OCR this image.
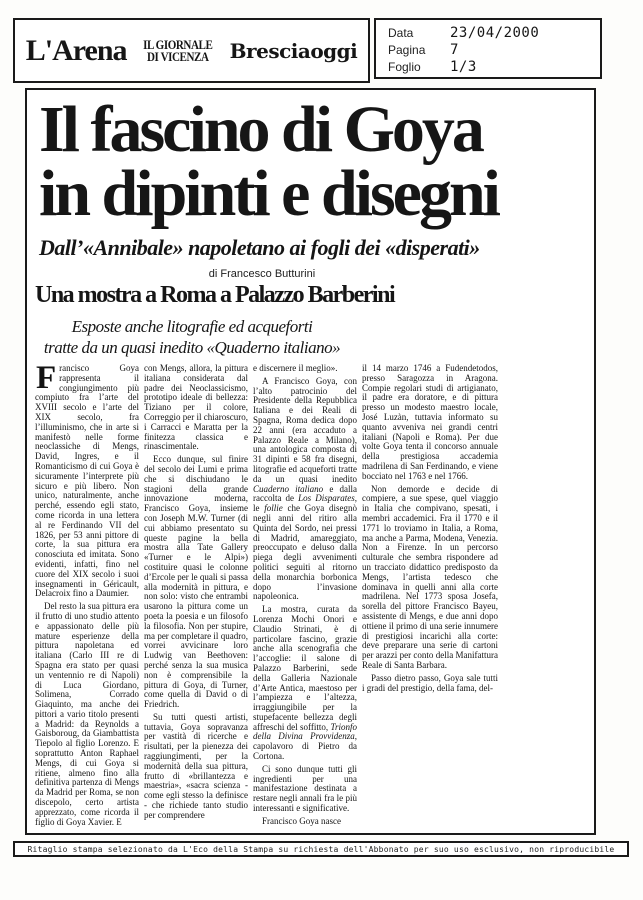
L'Arena IL GIORNALE
DI VICENZA Bresciaoggi
Data	23/04/2000
Pagina	7
Foglio	1/3
Il fascino di Goya
in dipinti e disegni
Dall’«Annibale» napoletano ai fogli dei «disperati»
di Francesco Butturini
Una mostra a Roma a Palazzo Barberini
Esposte anche litografie ed acqueforti
tratte da un quasi inedito «Quaderno italiano»

Francisco Goya rappresenta il congiungimento più compiuto fra l’arte del XVIII secolo e l’arte del XIX secolo, fra l’illuminismo, che in arte si manifestò nelle forme neoclassiche di Mengs, David, Ingres, e il Romanticismo di cui Goya è sicuramente l’interprete più sicuro e più libero. Non unico, naturalmente, anche perché, essendo egli stato, come ricorda in una lettera al re Ferdinando VII del 1826, per 53 anni pittore di corte, la sua pittura era conosciuta ed imitata. Sono evidenti, infatti, fino nel cuore del XIX secolo i suoi insegnamenti in Géricault, Delacroix fino a Daumier.

Del resto la sua pittura era il frutto di uno studio attento e appassionato delle più mature esperienze della pittura napoletana ed italiana (Carlo III re di Spagna era stato per quasi un ventennio re di Napoli) di Luca Giordano, Solimena, Corrado Giaquinto, ma anche dei pittori a vario titolo presenti a Madrid: da Reynolds a Gaisboroug, da Giambattista Tiepolo al figlio Lorenzo. E soprattutto Anton Raphael Mengs, di cui Goya si ritiene, almeno fino alla definitiva partenza di Mengs da Madrid per Roma, se non discepolo, certo artista apprezzato, come ricorda il figlio di Goya Xavier. E

con Mengs, allora, la pittura italiana considerata dal padre dei Neoclassicismo, prototipo ideale di bellezza: Tiziano per il colore, Correggio per il chiaroscuro, i Carracci e Maratta per la finitezza classica e rinascimentale.

Ecco dunque, sul finire del secolo dei Lumi e prima che si dischiudano le stagioni della grande innovazione moderna, Francisco Goya, insieme con Joseph M.W. Turner (di cui abbiamo presentato su queste pagine la bella mostra alla Tate Gallery «Turner e le Alpi») costituire quasi le colonne d’Ercole per le quali si passa alla modernità in pittura, e non solo: visto che entrambi usarono la pittura come un poeta la poesia e un filosofo la filosofia. Non per stupire, ma per completare il quadro, vorrei avvicinare loro Ludwig van Beethoven: perché senza la sua musica non è comprensibile la pittura di Goya, di Turner, come quella di David o di Friedrich.

Su tutti questi artisti, tuttavia, Goya sopravanza per vastità di ricerche e risultati, per la pienezza dei raggiungimenti, per la modernità della sua pittura, frutto di «brillantezza e maestria», «sacra scienza - come egli stesso la definisce - che richiede tanto studio per comprendere

e discernere il meglio».

A Francisco Goya, con l’alto patrocinio del Presidente della Repubblica Italiana e dei Reali di Spagna, Roma dedica dopo 22 anni (era accaduto a Palazzo Reale a Milano), una antologica composta di 31 dipinti e 58 fra disegni, litografie ed acqueforti tratte da un quasi inedito Cuaderno italiano e dalla raccolta de Los Disparates, le follie che Goya disegnò negli anni del ritiro alla Quinta del Sordo, nei pressi di Madrid, amareggiato, preoccupato e deluso dalla piega degli avvenimenti politici seguiti al ritorno della monarchia borbonica dopo l’invasione napoleonica.

La mostra, curata da Lorenza Mochi Onori e Claudio Strinati, è di particolare fascino, grazie anche alla scenografia che l’accoglie: il salone di Palazzo Barberini, sede della Galleria Nazionale d’Arte Antica, maestoso per l’ampiezza e l’altezza, irraggiungibile per la stupefacente bellezza degli affreschi del soffitto, Trionfo della Divina Provvidenza, capolavoro di Pietro da Cortona.

Ci sono dunque tutti gli ingredienti per una manifestazione destinata a restare negli annali fra le più interessanti e significative.

Francisco Goya nasce

il 14 marzo 1746 a Fudendetodos, presso Saragozza in Aragona. Compie regolari studi di artigianato, il padre era doratore, e di pittura presso un modesto maestro locale, José Luzàn, tuttavia informato su quanto avveniva nei grandi centri italiani (Napoli e Roma). Per due volte Goya tenta il concorso annuale della prestigiosa accademia madrilena di San Ferdinando, e viene bocciato nel 1763 e nel 1766.

Non demorde e decide di compiere, a sue spese, quel viaggio in Italia che compivano, spesati, i membri accademici. Fra il 1770 e il 1771 lo troviamo in Italia, a Roma, ma anche a Parma, Modena, Venezia. Non a Firenze. In un percorso culturale che sembra rispondere ad un tracciato didattico predisposto da Mengs, l’artista tedesco che dominava in quelli anni alla corte madrilena. Nel 1773 sposa Josefa, sorella del pittore Francisco Bayeu, assistente di Mengs, e due anni dopo ottiene il primo di una serie innumere di prestigiosi incarichi alla corte: deve preparare una serie di cartoni per arazzi per conto della Manifattura Reale di Santa Barbara.

Passo dietro passo, Goya sale tutti i gradi del prestigio, della fama, del-

Ritaglio stampa selezionato da L'Eco della Stampa su richiesta dell'Abbonato per suo uso esclusivo, non riproducibile
